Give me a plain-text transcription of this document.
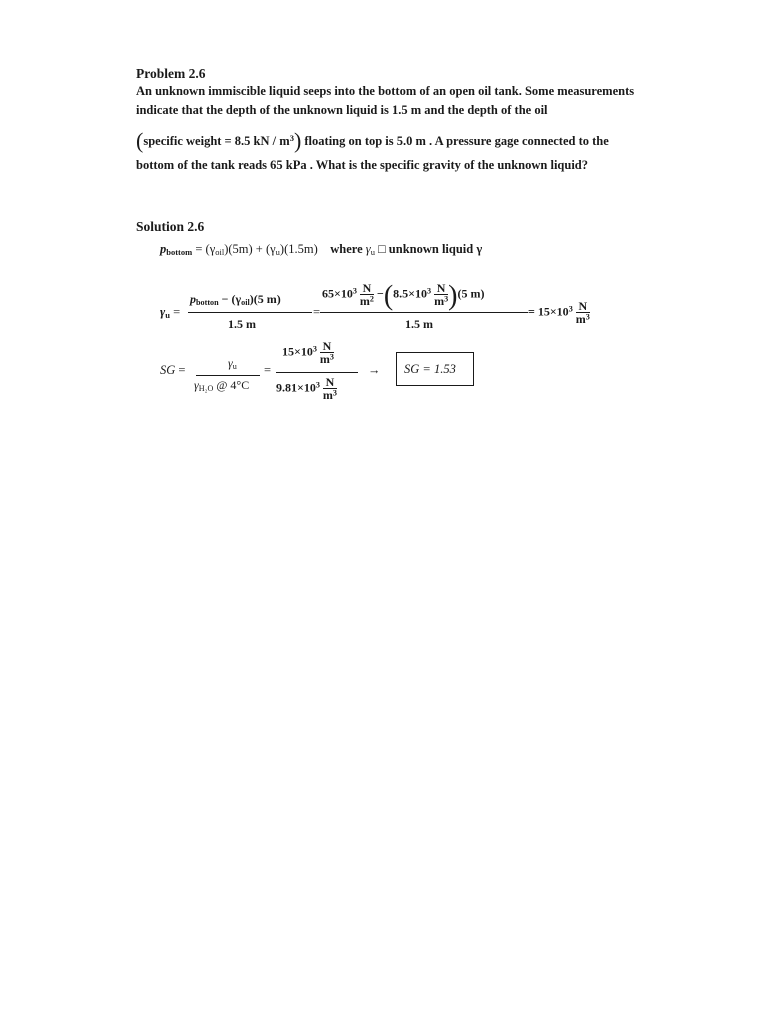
Problem 2.6
An unknown immiscible liquid seeps into the bottom of an open oil tank. Some measurements
indicate that the depth of the unknown liquid is 1.5 m and the depth of the oil
(specific weight = 8.5 kN / $m^3$) floating on top is 5.0 m . A pressure gage connected to the
bottom of the tank reads 65 kPa . What is the specific gravity of the unknown liquid?
Solution 2.6
$p_{bottom} = (\gamma_{oil})(5m) + (\gamma_u)(1.5m)$ where $\gamma_u$ □ unknown liquid γ
$\gamma_u$ =
$p_{botton} - (\gamma_{oil})(5$ m)
1.5 m
=
$65\times 10^3 \frac{N}{m^2} -(8.5\times 10^3 \frac{N}{m^3} )(5$ m)
1.5 m
= $15\times 10^3 \frac{N}{m^3}$
SG =	$\gamma_u$
$\gamma_{H_2O}$ @ 4°C
=
$15\times 10^3 \frac{N}{m^3}$
$9.81\times 10^3 \frac{N}{m^3}$
→ SG = 1.53
